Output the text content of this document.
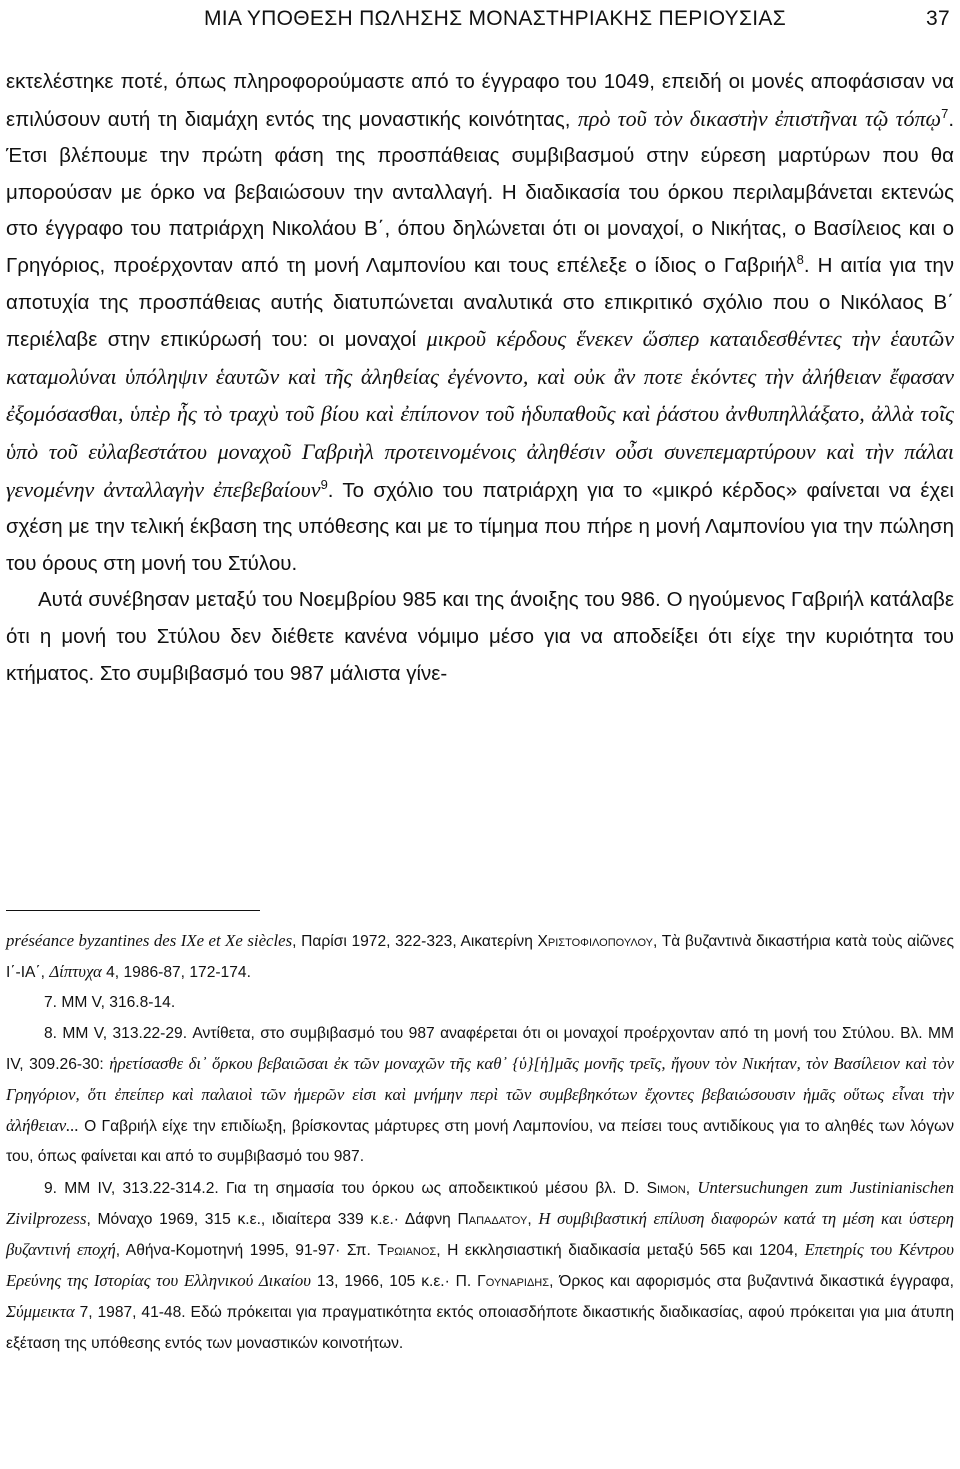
ΜΙΑ ΥΠΟΘΕΣΗ ΠΩΛΗΣΗΣ ΜΟΝΑΣΤΗΡΙΑΚΗΣ ΠΕΡΙΟΥΣΙΑΣ	37

εκτελέστηκε ποτέ, όπως πληροφορούμαστε από το έγγραφο του 1049, επειδή οι μονές αποφάσισαν να επιλύσουν αυτή τη διαμάχη εντός της μοναστικής κοινότητας, πρὸ τοῦ τὸν δικαστὴν ἐπιστῆναι τῷ τόπῳ$^7$. Έτσι βλέπουμε την πρώτη φάση της προσπάθειας συμβιβασμού στην εύρεση μαρτύρων που θα μπορούσαν με όρκο να βεβαιώσουν την ανταλλαγή. Η διαδικασία του όρκου περιλαμβάνεται εκτενώς στο έγγραφο του πατριάρχη Νικολάου Β΄, όπου δηλώνεται ότι οι μοναχοί, ο Νικήτας, ο Βασίλειος και ο Γρηγόριος, προέρχονταν από τη μονή Λαμπονίου και τους επέλεξε ο ίδιος ο Γαβριήλ$^8$. Η αιτία για την αποτυχία της προσπάθειας αυτής διατυπώνεται αναλυτικά στο επικριτικό σχόλιο που ο Νικόλαος Β΄ περιέλαβε στην επικύρωσή του: οι μοναχοί μικροῦ κέρδους ἕνεκεν ὥσπερ καταιδεσθέντες τὴν ἑαυτῶν καταμολύναι ὑπόληψιν ἑαυτῶν καὶ τῆς ἀληθείας ἐγένοντο, καὶ οὐκ ἂν ποτε ἑκόντες τὴν ἀλήθειαν ἔφασαν ἐξομόσασθαι, ὑπὲρ ἧς τὸ τραχὺ τοῦ βίου καὶ ἐπίπονον τοῦ ἡδυπαθοῦς καὶ ῥάστου ἀνθυπηλλάξατο, ἀλλὰ τοῖς ὑπὸ τοῦ εὐλαβεστάτου μοναχοῦ Γαβριὴλ προτεινομένοις ἀληθέσιν οὖσι συνεπεμαρτύρουν καὶ τὴν πάλαι γενομένην ἀνταλλαγὴν ἐπεβεβαίουν$^9$. Το σχόλιο του πατριάρχη για το «μικρό κέρδος» φαίνεται να έχει σχέση με την τελική έκβαση της υπόθεσης και με το τίμημα που πήρε η μονή Λαμπονίου για την πώληση του όρους στη μονή του Στύλου.

Αυτά συνέβησαν μεταξύ του Νοεμβρίου 985 και της άνοιξης του 986. Ο ηγούμενος Γαβριήλ κατάλαβε ότι η μονή του Στύλου δεν διέθετε κανένα νόμιμο μέσο για να αποδείξει ότι είχε την κυριότητα του κτήματος. Στο συμβιβασμό του 987 μάλιστα γίνε-

préséance byzantines des IXe et Xe siècles, Παρίσι 1972, 322-323, Αικατερίνη Χριστοφιλοπουλου, Τὰ βυζαντινὰ δικαστήρια κατὰ τοὺς αἰῶνες Ι΄-ΙΑ΄, Δίπτυχα 4, 1986-87, 172-174.

7. MM V, 316.8-14.

8. MM V, 313.22-29. Αντίθετα, στο συμβιβασμό του 987 αναφέρεται ότι οι μοναχοί προέρχονταν από τη μονή του Στύλου. Βλ. MM IV, 309.26-30: ἡρετίσασθε δι᾽ ὅρκου βεβαιῶσαι ἐκ τῶν μοναχῶν τῆς καθ᾽ {ὑ}[ἡ]μᾶς μονῆς τρεῖς, ἤγουν τὸν Νικήταν, τὸν Βασίλειον καὶ τὸν Γρηγόριον, ὅτι ἐπείπερ καὶ παλαιοὶ τῶν ἡμερῶν εἰσι καὶ μνήμην περὶ τῶν συμβεβηκότων ἔχοντες βεβαιώσουσιν ἡμᾶς οὕτως εἶναι τὴν ἀλήθειαν... Ο Γαβριήλ είχε την επιδίωξη, βρίσκοντας μάρτυρες στη μονή Λαμπονίου, να πείσει τους αντιδίκους για το αληθές των λόγων του, όπως φαίνεται και από το συμβιβασμό του 987.

9. MM IV, 313.22-314.2. Για τη σημασία του όρκου ως αποδεικτικού μέσου βλ. D. Simon, Untersuchungen zum Justinianischen Zivilprozess, Μόναχο 1969, 315 κ.ε., ιδιαίτερα 339 κ.ε.· Δάφνη Παπαδατου, Η συμβιβαστική επίλυση διαφορών κατά τη μέση και ύστερη βυζαντινή εποχή, Αθήνα-Κομοτηνή 1995, 91-97· Σπ. Τρωιανος, Η εκκλησιαστική διαδικασία μεταξύ 565 και 1204, Επετηρίς του Κέντρου Ερεύνης της Ιστορίας του Ελληνικού Δικαίου 13, 1966, 105 κ.ε.· Π. Γουναριδης, Όρκος και αφορισμός στα βυζαντινά δικαστικά έγγραφα, Σύμμεικτα 7, 1987, 41-48. Εδώ πρόκειται για πραγματικότητα εκτός οποιασδήποτε δικαστικής διαδικασίας, αφού πρόκειται για μια άτυπη εξέταση της υπόθεσης εντός των μοναστικών κοινοτήτων.
